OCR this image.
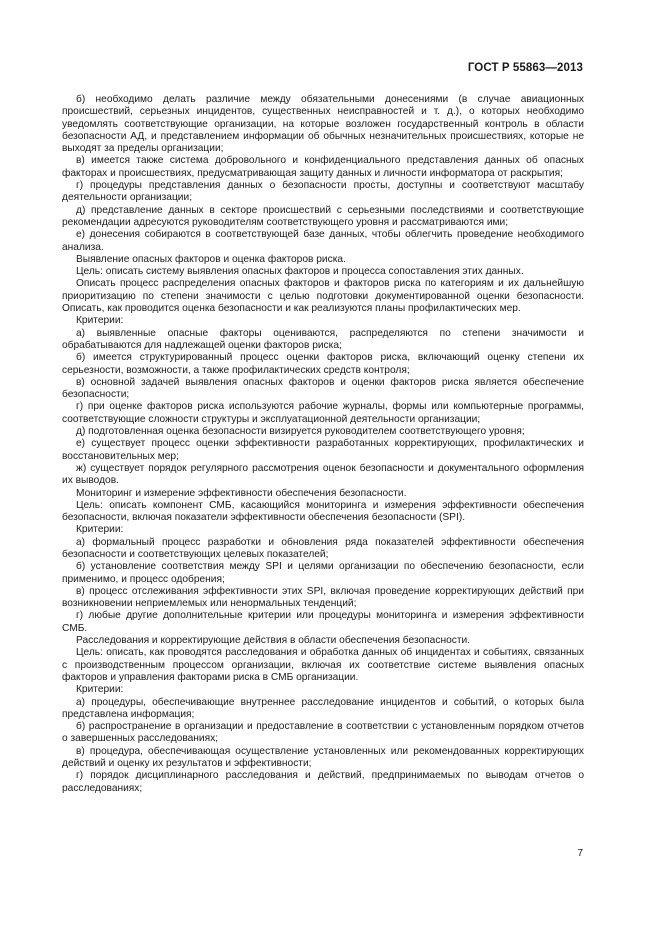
ГОСТ Р 55863—2013

б) необходимо делать различие между обязательными донесениями (в случае авиационных происшествий, серьезных инцидентов, существенных неисправностей и т. д.), о которых необходимо уведомлять соответствующие организации, на которые возложен государственный контроль в области безопасности АД, и представлением информации об обычных незначительных происшествиях, которые не выходят за пределы организации;

в) имеется также система добровольного и конфиденциального представления данных об опасных факторах и происшествиях, предусматривающая защиту данных и личности информатора от раскрытия;

г) процедуры представления данных о безопасности просты, доступны и соответствуют масштабу деятельности организации;

д) представление данных в секторе происшествий с серьезными последствиями и соответствующие рекомендации адресуются руководителям соответствующего уровня и рассматриваются ими;

е) донесения собираются в соответствующей базе данных, чтобы облегчить проведение необходимого анализа.

Выявление опасных факторов и оценка факторов риска.

Цель: описать систему выявления опасных факторов и процесса сопоставления этих данных.

Описать процесс распределения опасных факторов и факторов риска по категориям и их дальнейшую приоритизацию по степени значимости с целью подготовки документированной оценки безопасности. Описать, как проводится оценка безопасности и как реализуются планы профилактических мер.

Критерии:

а) выявленные опасные факторы оцениваются, распределяются по степени значимости и обрабатываются для надлежащей оценки факторов риска;

б) имеется структурированный процесс оценки факторов риска, включающий оценку степени их серьезности, возможности, а также профилактических средств контроля;

в) основной задачей выявления опасных факторов и оценки факторов риска является обеспечение безопасности;

г) при оценке факторов риска используются рабочие журналы, формы или компьютерные программы, соответствующие сложности структуры и эксплуатационной деятельности организации;

д) подготовленная оценка безопасности визируется руководителем соответствующего уровня;

е) существует процесс оценки эффективности разработанных корректирующих, профилактических и восстановительных мер;

ж) существует порядок регулярного рассмотрения оценок безопасности и документального оформления их выводов.

Мониторинг и измерение эффективности обеспечения безопасности.

Цель: описать компонент СМБ, касающийся мониторинга и измерения эффективности обеспечения безопасности, включая показатели эффективности обеспечения безопасности (SPI).

Критерии:

а) формальный процесс разработки и обновления ряда показателей эффективности обеспечения безопасности и соответствующих целевых показателей;

б) установление соответствия между SPI и целями организации по обеспечению безопасности, если применимо, и процесс одобрения;

в) процесс отслеживания эффективности этих SPI, включая проведение корректирующих действий при возникновении неприемлемых или ненормальных тенденций;

г) любые другие дополнительные критерии или процедуры мониторинга и измерения эффективности СМБ.

Расследования и корректирующие действия в области обеспечения безопасности.

Цель: описать, как проводятся расследования и обработка данных об инцидентах и событиях, связанных с производственным процессом организации, включая их соответствие системе выявления опасных факторов и управления факторами риска в СМБ организации.

Критерии:

а) процедуры, обеспечивающие внутреннее расследование инцидентов и событий, о которых была представлена информация;

б) распространение в организации и предоставление в соответствии с установленным порядком отчетов о завершенных расследованиях;

в) процедура, обеспечивающая осуществление установленных или рекомендованных корректирующих действий и оценку их результатов и эффективности;

г) порядок дисциплинарного расследования и действий, предпринимаемых по выводам отчетов о расследованиях;

7
